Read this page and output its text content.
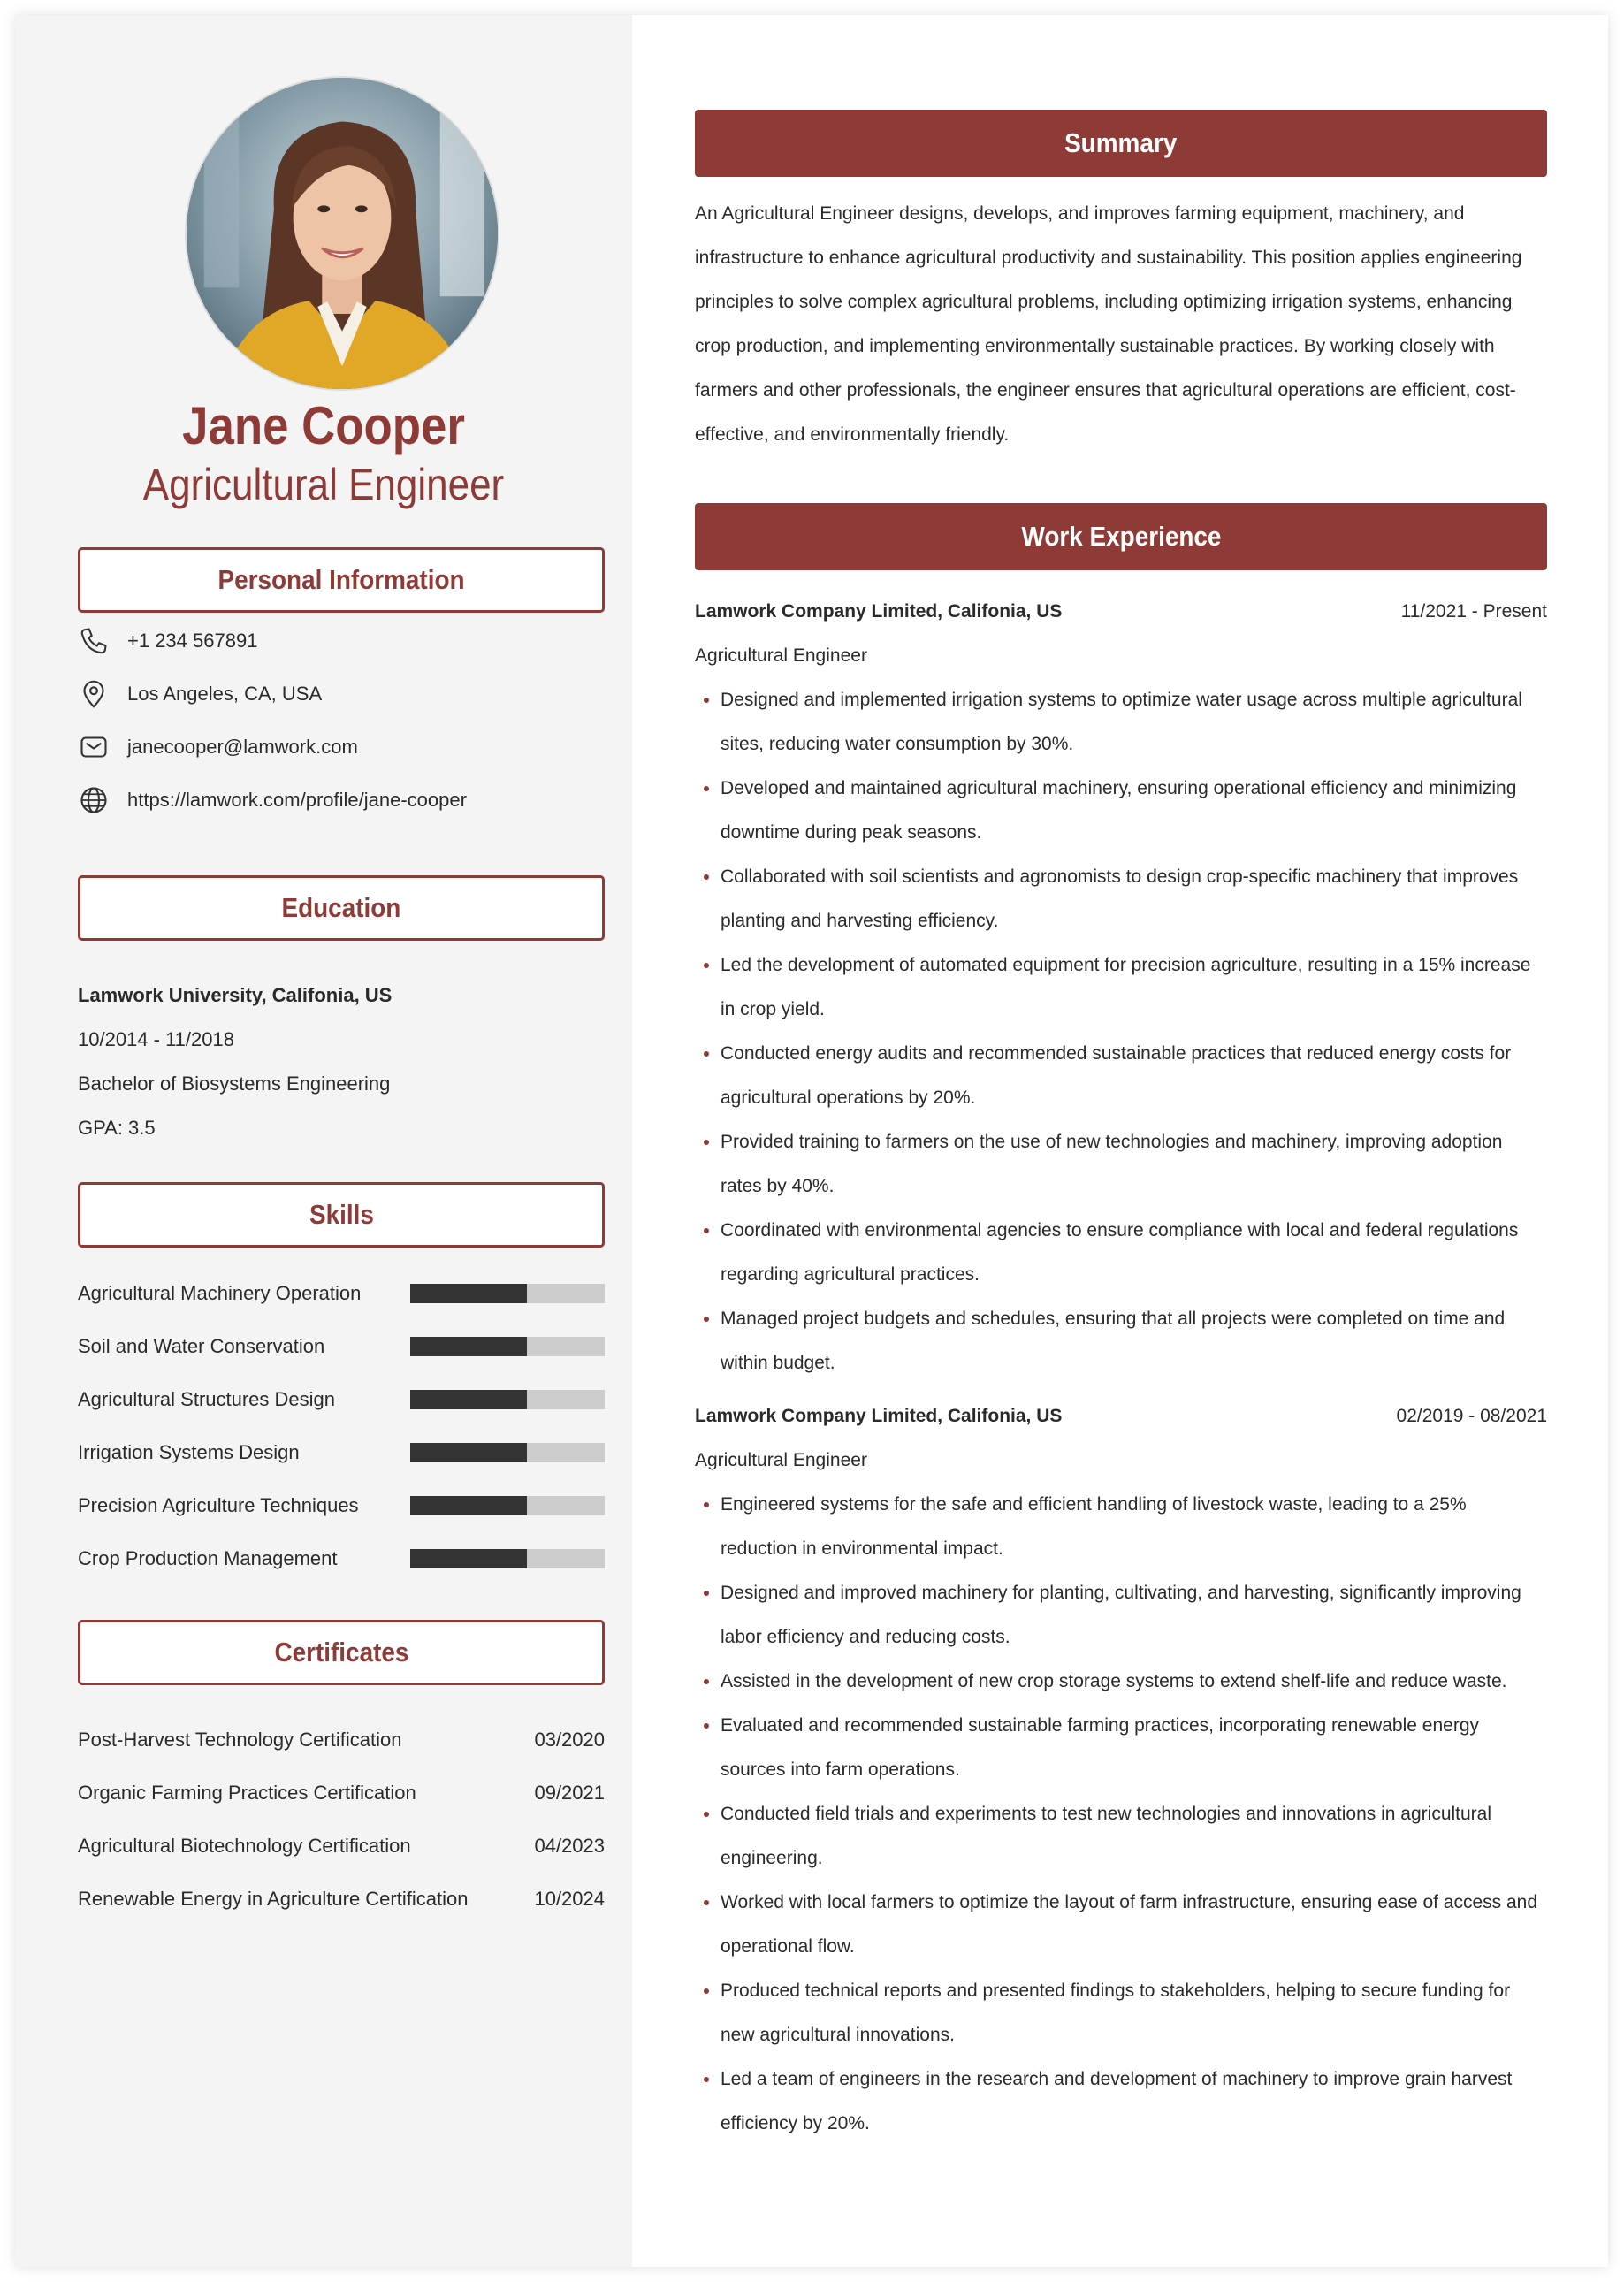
Jane Cooper
Agricultural Engineer
Personal Information
+1 234 567891
Los Angeles, CA, USA
janecooper@lamwork.com
https://lamwork.com/profile/jane-cooper
Education
Lamwork University, Califonia, US
10/2014 - 11/2018
Bachelor of Biosystems Engineering
GPA: 3.5
Skills
Agricultural Machinery Operation
Soil and Water Conservation
Agricultural Structures Design
Irrigation Systems Design
Precision Agriculture Techniques
Crop Production Management
Certificates
Post-Harvest Technology Certification	03/2020
Organic Farming Practices Certification	09/2021
Agricultural Biotechnology Certification	04/2023
Renewable Energy in Agriculture Certification	10/2024
Summary
An Agricultural Engineer designs, develops, and improves farming equipment, machinery, and infrastructure to enhance agricultural productivity and sustainability. This position applies engineering principles to solve complex agricultural problems, including optimizing irrigation systems, enhancing crop production, and implementing environmentally sustainable practices. By working closely with farmers and other professionals, the engineer ensures that agricultural operations are efficient, cost-effective, and environmentally friendly.
Work Experience
Lamwork Company Limited, Califonia, US	11/2021 - Present
Agricultural Engineer
Designed and implemented irrigation systems to optimize water usage across multiple agricultural sites, reducing water consumption by 30%.
Developed and maintained agricultural machinery, ensuring operational efficiency and minimizing downtime during peak seasons.
Collaborated with soil scientists and agronomists to design crop-specific machinery that improves planting and harvesting efficiency.
Led the development of automated equipment for precision agriculture, resulting in a 15% increase in crop yield.
Conducted energy audits and recommended sustainable practices that reduced energy costs for agricultural operations by 20%.
Provided training to farmers on the use of new technologies and machinery, improving adoption rates by 40%.
Coordinated with environmental agencies to ensure compliance with local and federal regulations regarding agricultural practices.
Managed project budgets and schedules, ensuring that all projects were completed on time and within budget.
Lamwork Company Limited, Califonia, US	02/2019 - 08/2021
Agricultural Engineer
Engineered systems for the safe and efficient handling of livestock waste, leading to a 25% reduction in environmental impact.
Designed and improved machinery for planting, cultivating, and harvesting, significantly improving labor efficiency and reducing costs.
Assisted in the development of new crop storage systems to extend shelf-life and reduce waste.
Evaluated and recommended sustainable farming practices, incorporating renewable energy sources into farm operations.
Conducted field trials and experiments to test new technologies and innovations in agricultural engineering.
Worked with local farmers to optimize the layout of farm infrastructure, ensuring ease of access and operational flow.
Produced technical reports and presented findings to stakeholders, helping to secure funding for new agricultural innovations.
Led a team of engineers in the research and development of machinery to improve grain harvest efficiency by 20%.
